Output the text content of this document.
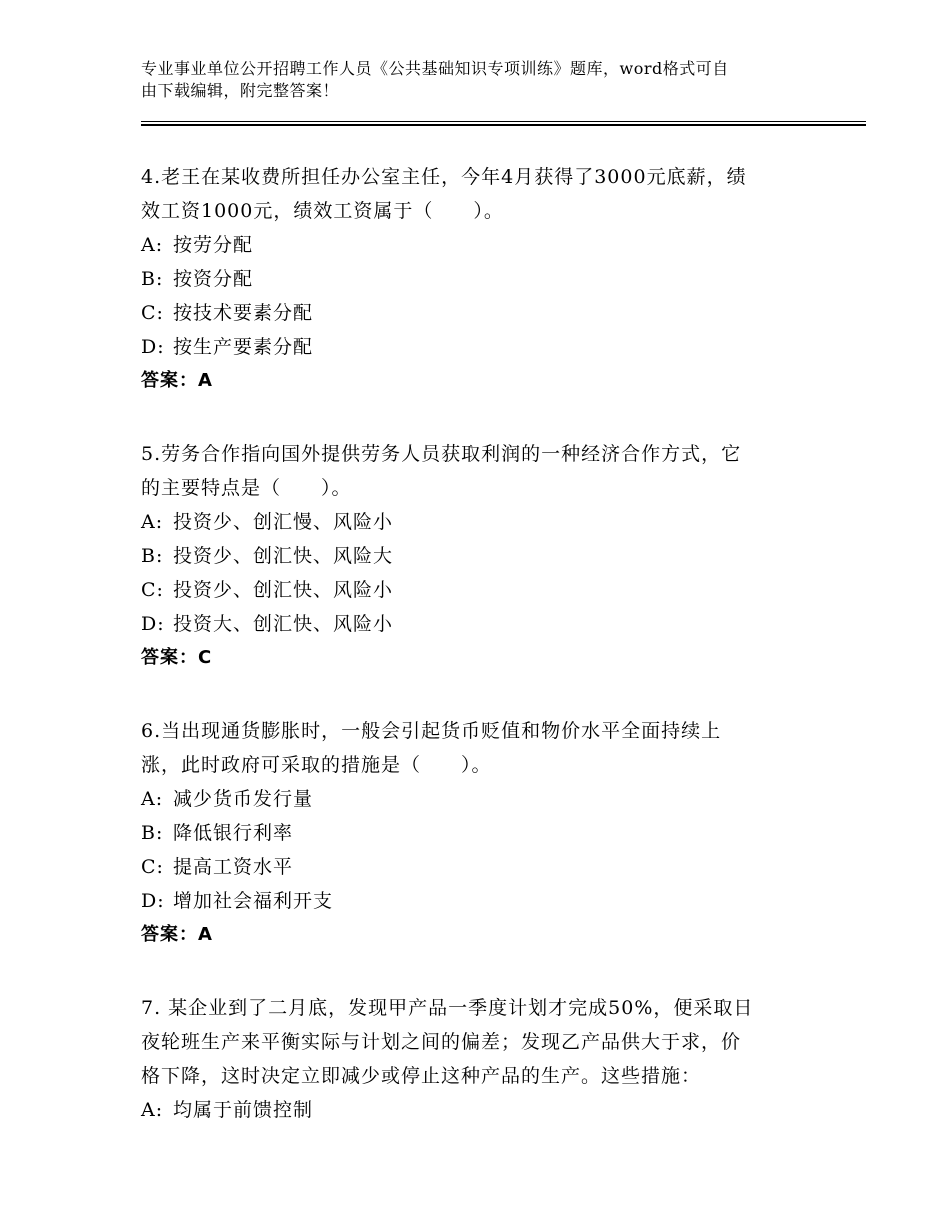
专业事业单位公开招聘工作人员《公共基础知识专项训练》题库，word格式可自
由下载编辑，附完整答案！
4.老王在某收费所担任办公室主任，今年4月获得了3000元底薪，绩
效工资1000元，绩效工资属于（　　）。
A: 按劳分配
B: 按资分配
C: 按技术要素分配
D: 按生产要素分配
答案：A
5.劳务合作指向国外提供劳务人员获取利润的一种经济合作方式，它
的主要特点是（　　）。
A: 投资少、创汇慢、风险小
B: 投资少、创汇快、风险大
C: 投资少、创汇快、风险小
D: 投资大、创汇快、风险小
答案：C
6.当出现通货膨胀时，一般会引起货币贬值和物价水平全面持续上
涨，此时政府可采取的措施是（　　）。
A: 减少货币发行量
B: 降低银行利率
C: 提高工资水平
D: 增加社会福利开支
答案：A
7. 某企业到了二月底，发现甲产品一季度计划才完成50%，便采取日
夜轮班生产来平衡实际与计划之间的偏差；发现乙产品供大于求，价
格下降，这时决定立即减少或停止这种产品的生产。这些措施：
A: 均属于前馈控制
